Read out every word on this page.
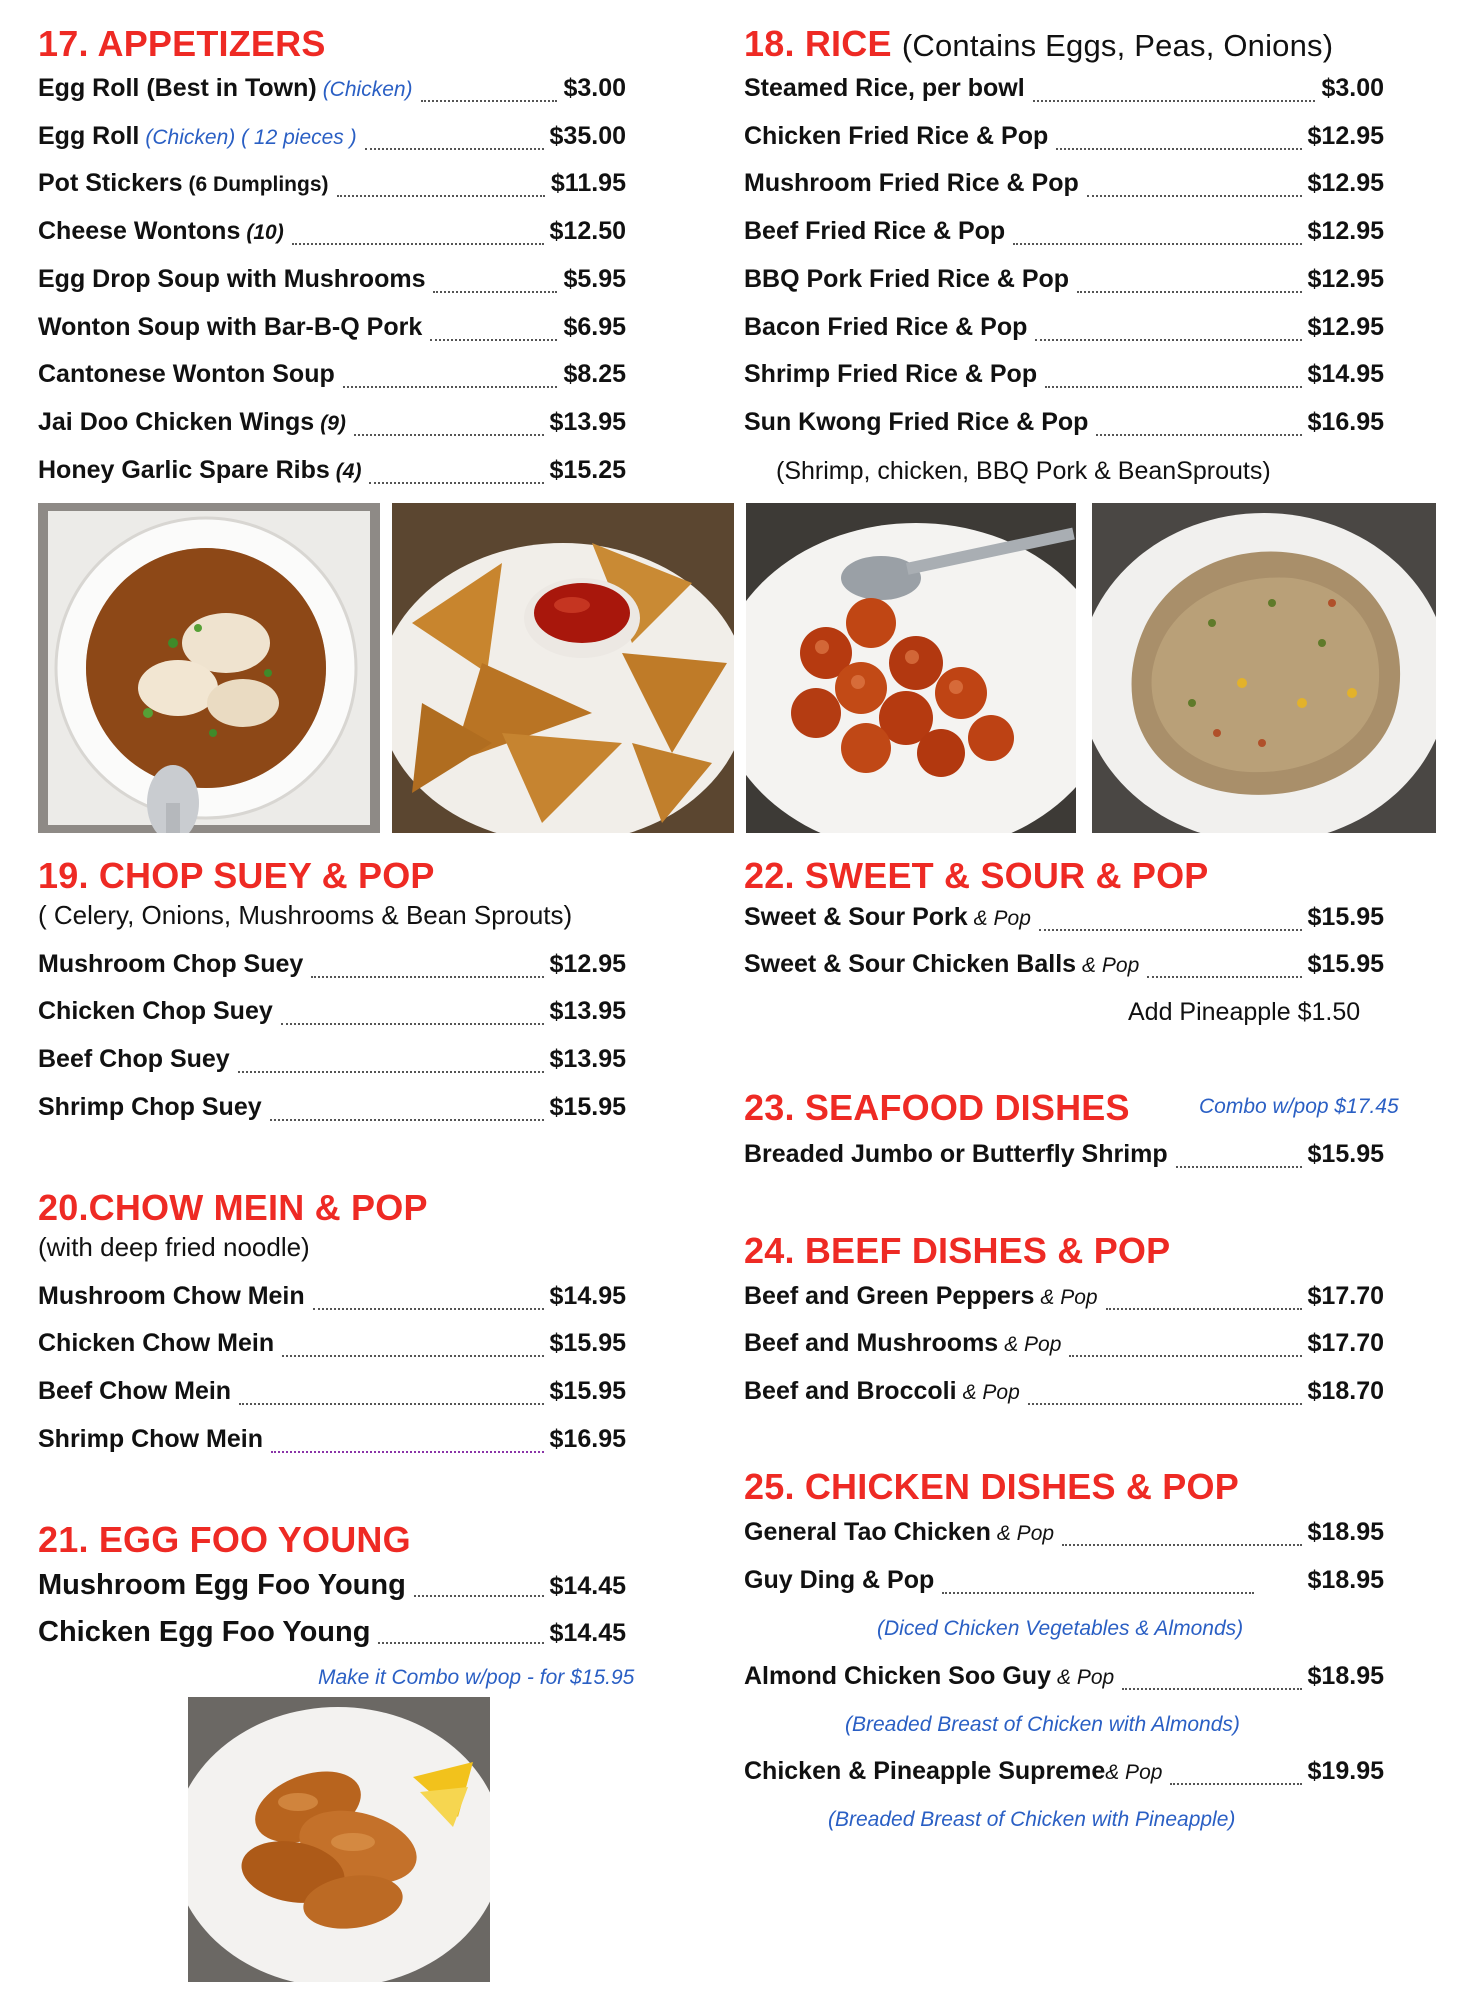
17. APPETIZERS
Egg Roll (Best in Town) (Chicken)	$3.00
Egg Roll (Chicken) ( 12 pieces )	$35.00
Pot Stickers (6 Dumplings)	$11.95
Cheese Wontons (10)	$12.50
Egg Drop Soup with Mushrooms	$5.95
Wonton Soup with Bar-B-Q Pork	$6.95
Cantonese Wonton Soup	$8.25
Jai Doo Chicken Wings (9)	$13.95
Honey Garlic Spare Ribs (4)	$15.25
18. RICE (Contains Eggs, Peas, Onions)
Steamed Rice, per bowl	$3.00
Chicken Fried Rice & Pop	$12.95
Mushroom Fried Rice & Pop	$12.95
Beef Fried Rice & Pop	$12.95
BBQ Pork Fried Rice & Pop	$12.95
Bacon Fried Rice & Pop	$12.95
Shrimp Fried Rice & Pop	$14.95
Sun Kwong Fried Rice & Pop	$16.95
(Shrimp, chicken, BBQ Pork & BeanSprouts)
19. CHOP SUEY & POP
( Celery, Onions, Mushrooms & Bean Sprouts)
Mushroom Chop Suey	$12.95
Chicken Chop Suey	$13.95
Beef Chop Suey	$13.95
Shrimp Chop Suey	$15.95
20.CHOW MEIN & POP
(with deep fried noodle)
Mushroom Chow Mein	$14.95
Chicken Chow Mein	$15.95
Beef Chow Mein	$15.95
Shrimp Chow Mein	$16.95
21. EGG FOO YOUNG
Mushroom Egg Foo Young	$14.45
Chicken Egg Foo Young	$14.45
Make it Combo w/pop - for $15.95
22. SWEET & SOUR & POP
Sweet & Sour Pork & Pop	$15.95
Sweet & Sour Chicken Balls & Pop	$15.95
Add Pineapple $1.50
23. SEAFOOD DISHES	Combo w/pop $17.45
Breaded Jumbo or Butterfly Shrimp	$15.95
24. BEEF DISHES & POP
Beef and Green Peppers & Pop	$17.70
Beef and Mushrooms & Pop	$17.70
Beef and Broccoli & Pop	$18.70
25. CHICKEN DISHES & POP
General Tao Chicken & Pop	$18.95
Guy Ding & Pop	$18.95
(Diced Chicken Vegetables & Almonds)
Almond Chicken Soo Guy & Pop	$18.95
(Breaded Breast of Chicken with Almonds)
Chicken & Pineapple Supreme & Pop	$19.95
(Breaded Breast of Chicken with Pineapple)
